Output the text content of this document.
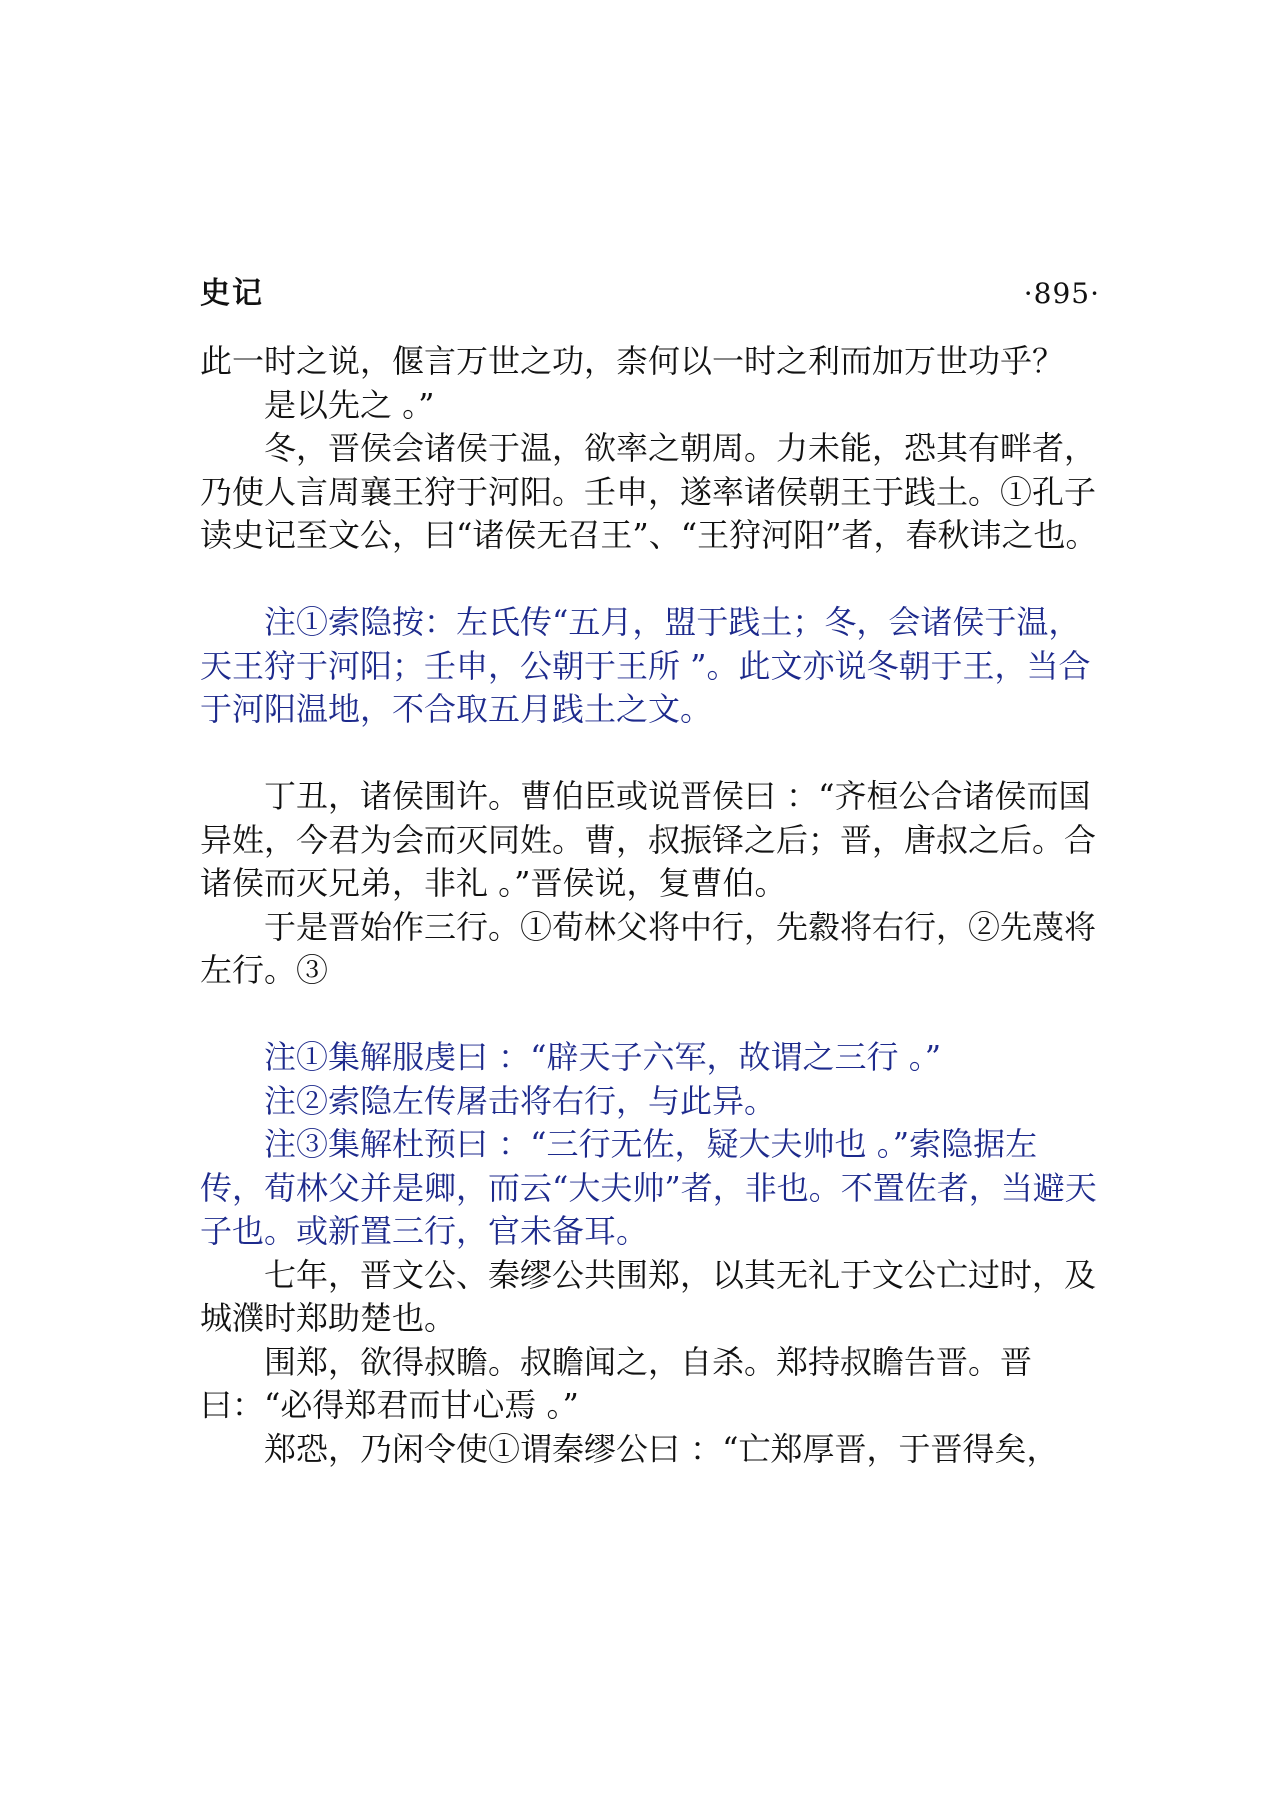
史记	·895·

此一时之说，偃言万世之功，柰何以一时之利而加万世功乎？

是以先之 。”

冬，晋侯会诸侯于温，欲率之朝周。力未能，恐其有畔者，乃使人言周襄王狩于河阳。壬申，遂率诸侯朝王于践土。①孔子读史记至文公，曰“诸侯无召王”、“王狩河阳”者，春秋讳之也。

注①索隐按：左氏传“五月，盟于践土；冬，会诸侯于温，天王狩于河阳；壬申，公朝于王所 ”。此文亦说冬朝于王，当合于河阳温地，不合取五月践土之文。

丁丑，诸侯围许。曹伯臣或说晋侯曰 ：“齐桓公合诸侯而国异姓，今君为会而灭同姓。曹，叔振铎之后；晋，唐叔之后。合诸侯而灭兄弟，非礼 。”晋侯说，复曹伯。

于是晋始作三行。①荀林父将中行，先縠将右行，②先蔑将左行。③

注①集解服虔曰 ：“辟天子六军，故谓之三行 。”

注②索隐左传屠击将右行，与此异。

注③集解杜预曰 ：“三行无佐，疑大夫帅也 。”索隐据左传，荀林父并是卿，而云“大夫帅”者，非也。不置佐者，当避天子也。或新置三行，官未备耳。

七年，晋文公、秦缪公共围郑，以其无礼于文公亡过时，及城濮时郑助楚也。

围郑，欲得叔瞻。叔瞻闻之，自杀。郑持叔瞻告晋。晋曰：“必得郑君而甘心焉 。”

郑恐，乃闲令使①谓秦缪公曰 ：“亡郑厚晋，于晋得矣，
